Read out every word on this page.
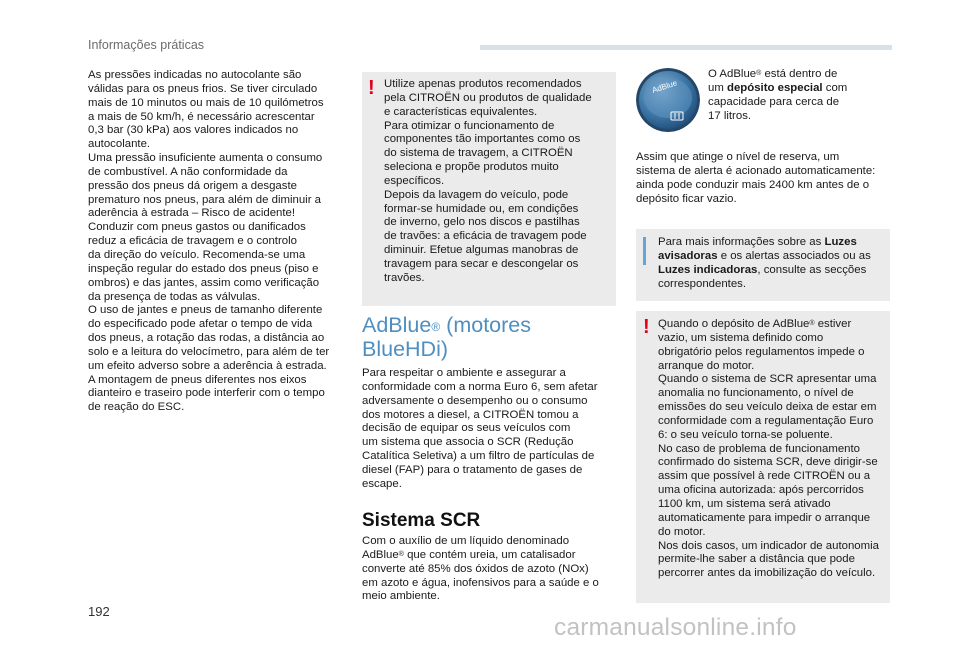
Informações práticas
As pressões indicadas no autocolante são
válidas para os pneus frios. Se tiver circulado
mais de 10 minutos ou mais de 10 quilómetros
a mais de 50 km/h, é necessário acrescentar
0,3 bar (30 kPa) aos valores indicados no
autocolante.
Uma pressão insuficiente aumenta o consumo
de combustível. A não conformidade da
pressão dos pneus dá origem a desgaste
prematuro nos pneus, para além de diminuir a
aderência à estrada – Risco de acidente!
Conduzir com pneus gastos ou danificados
reduz a eficácia de travagem e o controlo
da direção do veículo. Recomenda-se uma
inspeção regular do estado dos pneus (piso e
ombros) e das jantes, assim como verificação
da presença de todas as válvulas.
O uso de jantes e pneus de tamanho diferente
do especificado pode afetar o tempo de vida
dos pneus, a rotação das rodas, a distância ao
solo e a leitura do velocímetro, para além de ter
um efeito adverso sobre a aderência à estrada.
A montagem de pneus diferentes nos eixos
dianteiro e traseiro pode interferir com o tempo
de reação do ESC.
! Utilize apenas produtos recomendados
pela CITROËN ou produtos de qualidade
e características equivalentes.
Para otimizar o funcionamento de
componentes tão importantes como os
do sistema de travagem, a CITROËN
seleciona e propõe produtos muito
específicos.
Depois da lavagem do veículo, pode
formar-se humidade ou, em condições
de inverno, gelo nos discos e pastilhas
de travões: a eficácia de travagem pode
diminuir. Efetue algumas manobras de
travagem para secar e descongelar os
travões.
AdBlue® (motores
BlueHDi)
Para respeitar o ambiente e assegurar a
conformidade com a norma Euro 6, sem afetar
adversamente o desempenho ou o consumo
dos motores a diesel, a CITROËN tomou a
decisão de equipar os seus veículos com
um sistema que associa o SCR (Redução
Catalítica Seletiva) a um filtro de partículas de
diesel (FAP) para o tratamento de gases de
escape.
Sistema SCR
Com o auxílio de um líquido denominado
AdBlue® que contém ureia, um catalisador
converte até 85% dos óxidos de azoto (NOx)
em azoto e água, inofensivos para a saúde e o
meio ambiente.
AdBlue
O AdBlue® está dentro de
um depósito especial com
capacidade para cerca de
17 litros.
Assim que atinge o nível de reserva, um
sistema de alerta é acionado automaticamente:
ainda pode conduzir mais 2400 km antes de o
depósito ficar vazio.
Para mais informações sobre as Luzes
avisadoras e os alertas associados ou as
Luzes indicadoras, consulte as secções
correspondentes.
! Quando o depósito de AdBlue® estiver
vazio, um sistema definido como
obrigatório pelos regulamentos impede o
arranque do motor.
Quando o sistema de SCR apresentar uma
anomalia no funcionamento, o nível de
emissões do seu veículo deixa de estar em
conformidade com a regulamentação Euro
6: o seu veículo torna-se poluente.
No caso de problema de funcionamento
confirmado do sistema SCR, deve dirigir-se
assim que possível à rede CITROËN ou a
uma oficina autorizada: após percorridos
1100 km, um sistema será ativado
automaticamente para impedir o arranque
do motor.
Nos dois casos, um indicador de autonomia
permite-lhe saber a distância que pode
percorrer antes da imobilização do veículo.
192
carmanualsonline.info
